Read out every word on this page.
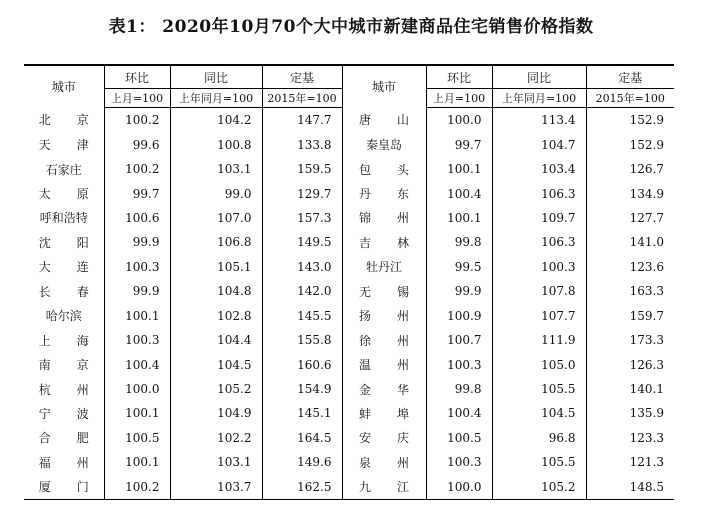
表1： 2020年10月70个大中城市新建商品住宅销售价格指数
城市	环比	同比	定基	城市	环比	同比	定基
	上月=100	上年同月=100	2015年=100		上月=100	上年同月=100	2015年=100
北京	100.2	104.2	147.7	唐山	100.0	113.4	152.9
天津	99.6	100.8	133.8	秦皇岛	99.7	104.7	152.9
石家庄	100.2	103.1	159.5	包头	100.1	103.4	126.7
太原	99.7	99.0	129.7	丹东	100.4	106.3	134.9
呼和浩特	100.6	107.0	157.3	锦州	100.1	109.7	127.7
沈阳	99.9	106.8	149.5	吉林	99.8	106.3	141.0
大连	100.3	105.1	143.0	牡丹江	99.5	100.3	123.6
长春	99.9	104.8	142.0	无锡	99.9	107.8	163.3
哈尔滨	100.1	102.8	145.5	扬州	100.9	107.7	159.7
上海	100.3	104.4	155.8	徐州	100.7	111.9	173.3
南京	100.4	104.5	160.6	温州	100.3	105.0	126.3
杭州	100.0	105.2	154.9	金华	99.8	105.5	140.1
宁波	100.1	104.9	145.1	蚌埠	100.4	104.5	135.9
合肥	100.5	102.2	164.5	安庆	100.5	96.8	123.3
福州	100.1	103.1	149.6	泉州	100.3	105.5	121.3
厦门	100.2	103.7	162.5	九江	100.0	105.2	148.5
